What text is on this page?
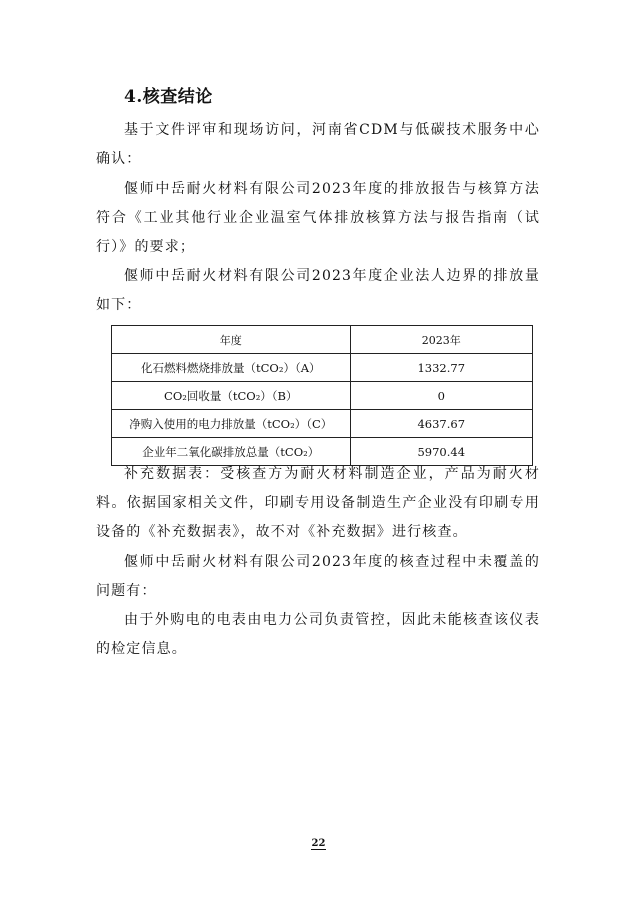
4.核查结论

基于文件评审和现场访问，河南省CDM与低碳技术服务中心确认：

偃师中岳耐火材料有限公司2023年度的排放报告与核算方法符合《工业其他行业企业温室气体排放核算方法与报告指南（试行）》的要求；

偃师中岳耐火材料有限公司2023年度企业法人边界的排放量如下：

年度	2023年
化石燃料燃烧排放量（tCO₂）（A）	1332.77
CO₂回收量（tCO₂）（B）	0
净购入使用的电力排放量（tCO₂）（C）	4637.67
企业年二氧化碳排放总量（tCO₂）	5970.44

补充数据表：受核查方为耐火材料制造企业，产品为耐火材料。依据国家相关文件，印刷专用设备制造生产企业没有印刷专用设备的《补充数据表》，故不对《补充数据》进行核查。

偃师中岳耐火材料有限公司2023年度的核查过程中未覆盖的问题有：

由于外购电的电表由电力公司负责管控，因此未能核查该仪表的检定信息。

22
